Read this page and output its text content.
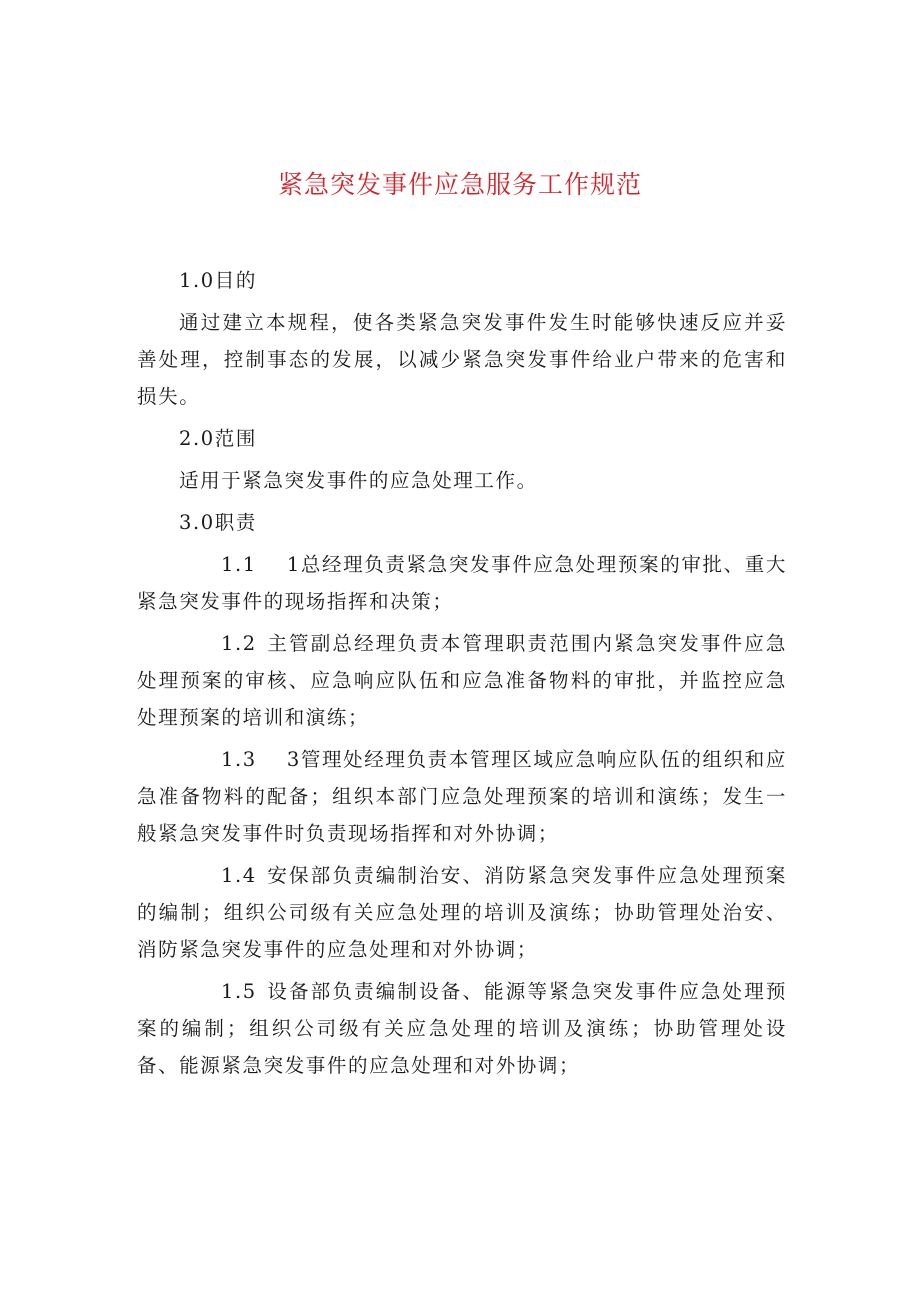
紧急突发事件应急服务工作规范

1.0目的

通过建立本规程，使各类紧急突发事件发生时能够快速反应并妥善处理，控制事态的发展，以减少紧急突发事件给业户带来的危害和损失。

2.0范围

适用于紧急突发事件的应急处理工作。

3.0职责

1.1 1总经理负责紧急突发事件应急处理预案的审批、重大紧急突发事件的现场指挥和决策；

1.2 主管副总经理负责本管理职责范围内紧急突发事件应急处理预案的审核、应急响应队伍和应急准备物料的审批，并监控应急处理预案的培训和演练；

1.3 3管理处经理负责本管理区域应急响应队伍的组织和应急准备物料的配备；组织本部门应急处理预案的培训和演练；发生一般紧急突发事件时负责现场指挥和对外协调；

1.4 安保部负责编制治安、消防紧急突发事件应急处理预案的编制；组织公司级有关应急处理的培训及演练；协助管理处治安、消防紧急突发事件的应急处理和对外协调；

1.5 设备部负责编制设备、能源等紧急突发事件应急处理预案的编制；组织公司级有关应急处理的培训及演练；协助管理处设备、能源紧急突发事件的应急处理和对外协调；
